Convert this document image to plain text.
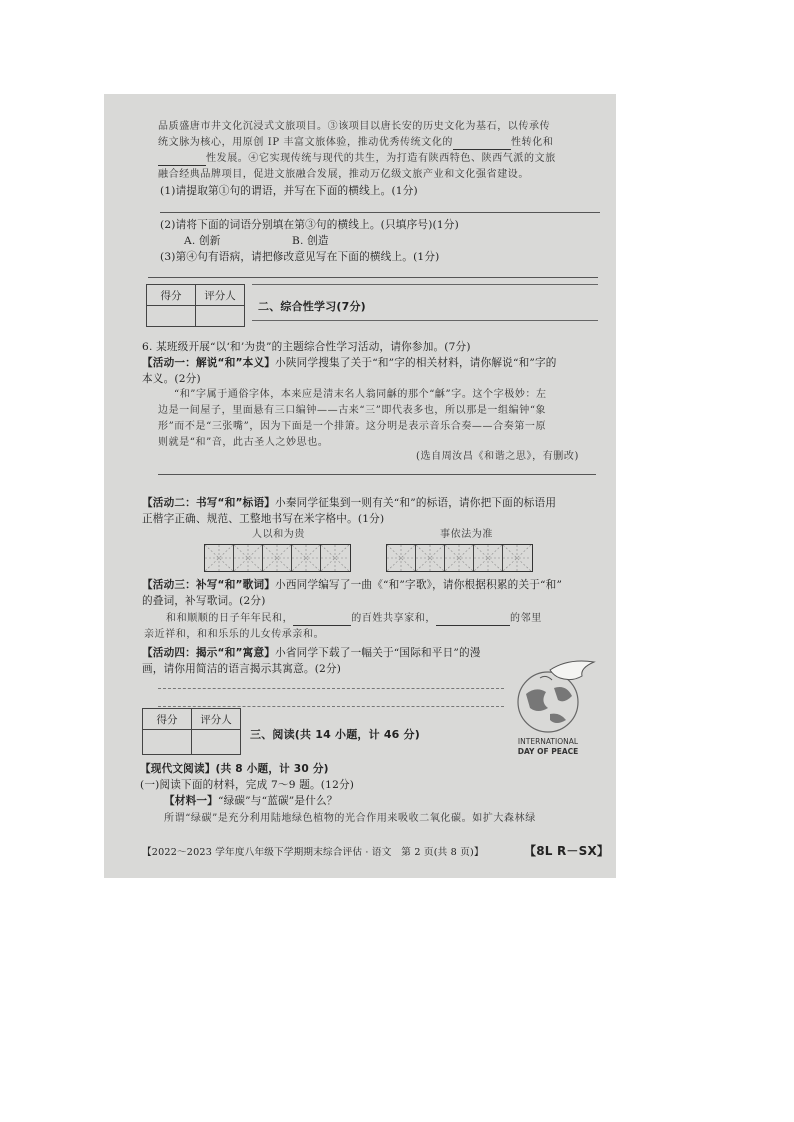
品质盛唐市井文化沉浸式文旅项目。③该项目以唐长安的历史文化为基石，以传承传
统文脉为核心，用原创 IP 丰富文旅体验，推动优秀传统文化的	性转化和
性发展。④它实现传统与现代的共生，为打造有陕西特色、陕西气派的文旅
融合经典品牌项目，促进文旅融合发展，推动万亿级文旅产业和文化强省建设。
(1)请提取第①句的谓语，并写在下面的横线上。(1分)
(2)请将下面的词语分别填在第③句的横线上。(只填序号)(1分)
A. 创新	B. 创造
(3)第④句有语病，请把修改意见写在下面的横线上。(1分)
得分	评分人

二、综合性学习(7分)
6. 某班级开展“以‘和’为贵”的主题综合性学习活动，请你参加。(7分)
【活动一：解说“和”本义】小陕同学搜集了关于“和”字的相关材料，请你解说“和”字的
本义。(2分)
“和”字属于通俗字体，本来应是清末名人翁同龢的那个“龢”字。这个字极妙：左
边是一间屋子，里面悬有三口编钟——古来“三”即代表多也，所以那是一组编钟“象
形”而不是“三张嘴”，因为下面是一个排箫。这分明是表示音乐合奏——合奏第一原
则就是“和”音，此古圣人之妙思也。
(选自周汝昌《和谐之思》，有删改)
【活动二：书写“和”标语】小秦同学征集到一则有关“和”的标语，请你把下面的标语用
正楷字正确、规范、工整地书写在米字格中。(1分)
人以和为贵	事依法为准
【活动三：补写“和”歌词】小西同学编写了一曲《“和”字歌》，请你根据积累的关于“和”
的叠词，补写歌词。(2分)
和和顺顺的日子年年民和，	的百姓共享家和，	的邻里
亲近祥和，和和乐乐的儿女传承亲和。
【活动四：揭示“和”寓意】小省同学下载了一幅关于“国际和平日”的漫
画，请你用简洁的语言揭示其寓意。(2分)
得分	评分人

三、阅读(共 14 小题，计 46 分)
【现代文阅读】(共 8 小题，计 30 分)
(一)阅读下面的材料，完成 7～9 题。(12分)
【材料一】“绿碳”与“蓝碳”是什么？
所谓“绿碳”是充分利用陆地绿色植物的光合作用来吸收二氧化碳。如扩大森林绿
【2022～2023 学年度八年级下学期期末综合评估 · 语文　第 2 页(共 8 页)】	【8L R－SX】
INTERNATIONAL
DAY OF PEACE
